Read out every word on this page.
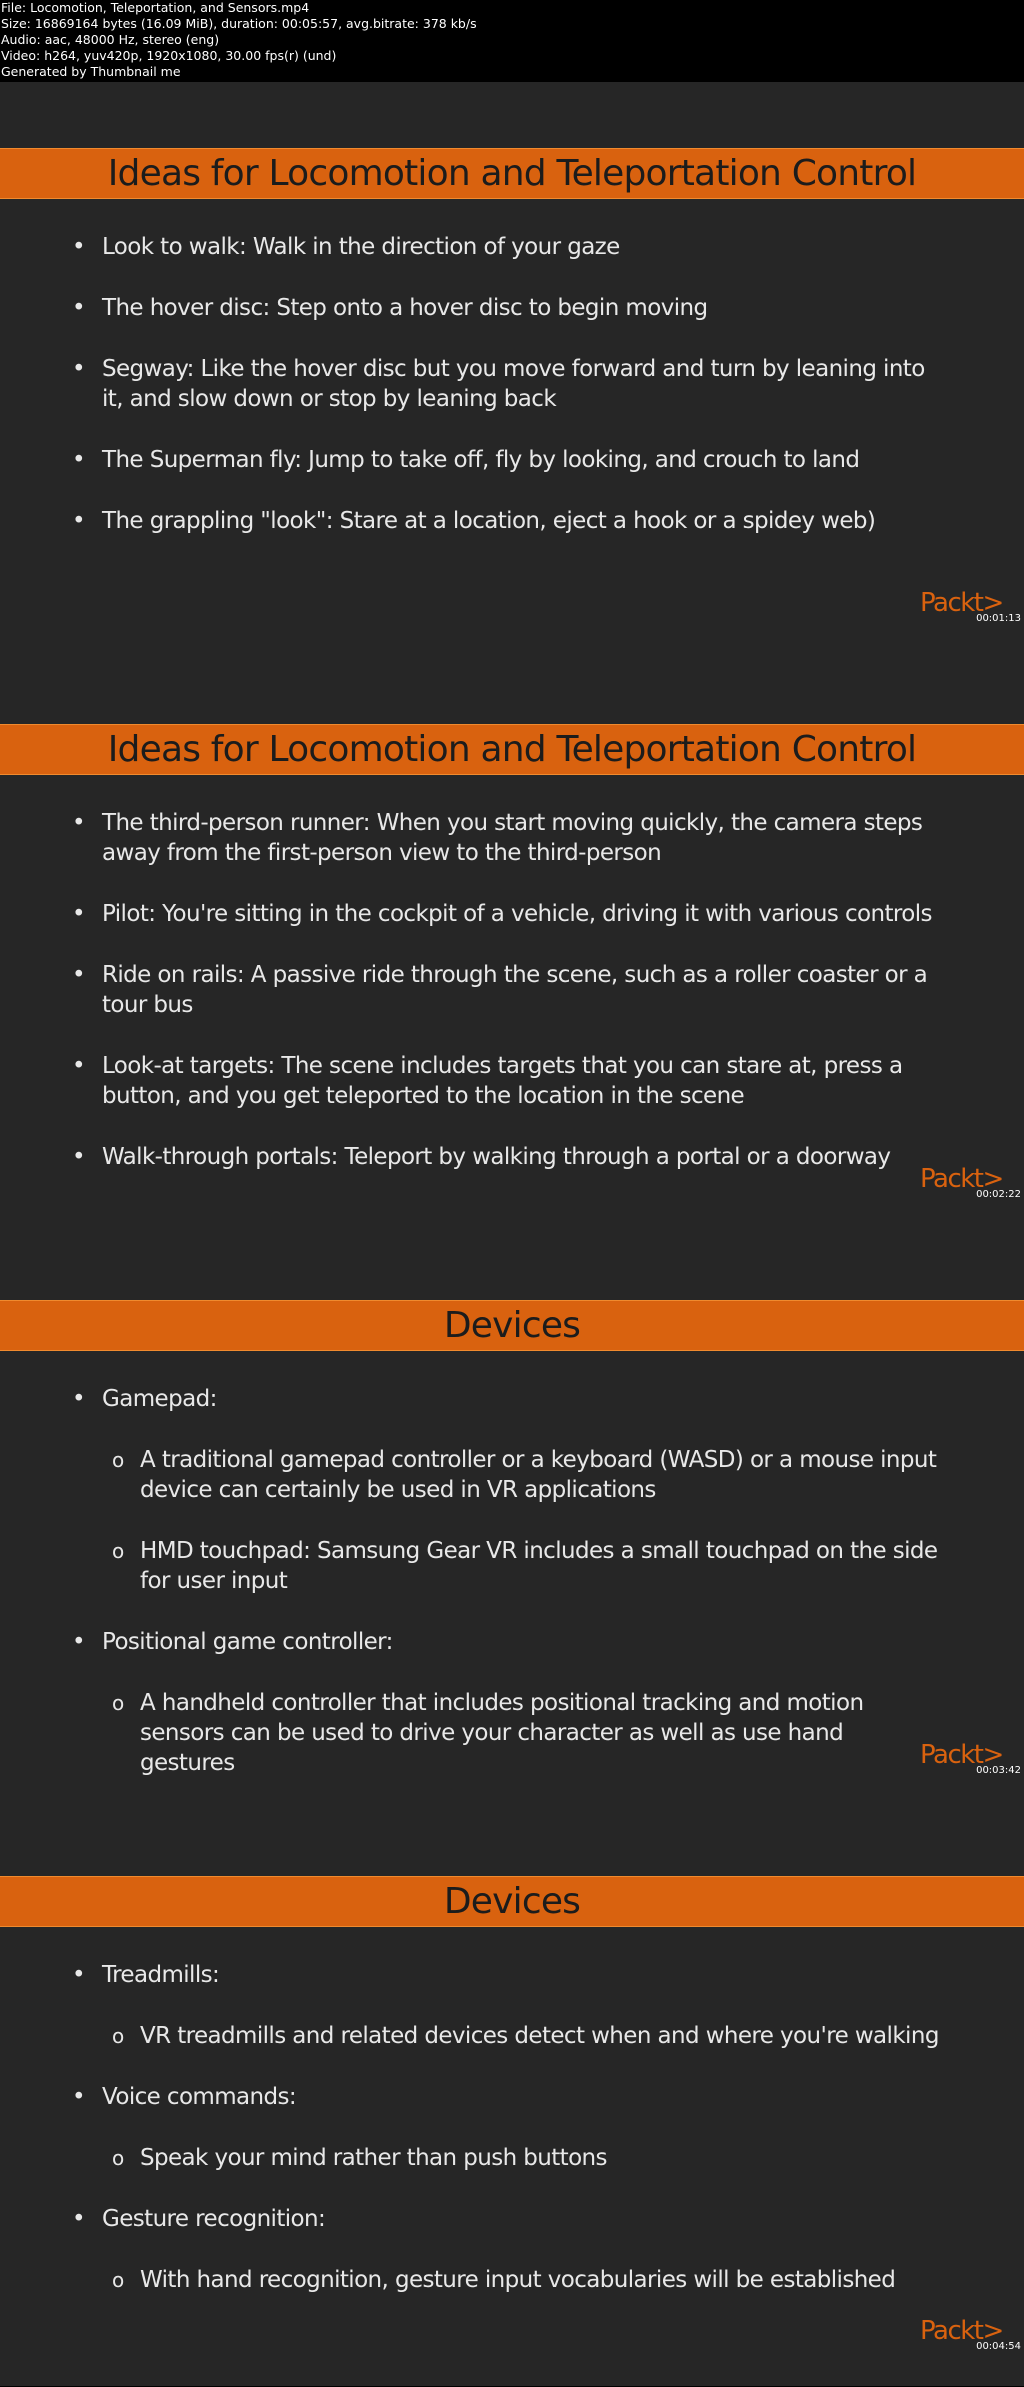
File: Locomotion, Teleportation, and Sensors.mp4
Size: 16869164 bytes (16.09 MiB), duration: 00:05:57, avg.bitrate: 378 kb/s
Audio: aac, 48000 Hz, stereo (eng)
Video: h264, yuv420p, 1920x1080, 30.00 fps(r) (und)
Generated by Thumbnail me
Ideas for Locomotion and Teleportation Control
• Look to walk: Walk in the direction of your gaze
• The hover disc: Step onto a hover disc to begin moving
• Segway: Like the hover disc but you move forward and turn by leaning into it, and slow down or stop by leaning back
• The Superman fly: Jump to take off, fly by looking, and crouch to land
• The grappling "look": Stare at a location, eject a hook or a spidey web)
Packt>
00:01:13
Ideas for Locomotion and Teleportation Control
• The third-person runner: When you start moving quickly, the camera steps away from the first-person view to the third-person
• Pilot: You're sitting in the cockpit of a vehicle, driving it with various controls
• Ride on rails: A passive ride through the scene, such as a roller coaster or a tour bus
• Look-at targets: The scene includes targets that you can stare at, press a button, and you get teleported to the location in the scene
• Walk-through portals: Teleport by walking through a portal or a doorway
Packt>
00:02:22
Devices
• Gamepad:
o A traditional gamepad controller or a keyboard (WASD) or a mouse input device can certainly be used in VR applications
o HMD touchpad: Samsung Gear VR includes a small touchpad on the side for user input
• Positional game controller:
o A handheld controller that includes positional tracking and motion sensors can be used to drive your character as well as use hand gestures	Packt>
00:03:42
Devices
• Treadmills:
o VR treadmills and related devices detect when and where you're walking
• Voice commands:
o Speak your mind rather than push buttons
• Gesture recognition:
o With hand recognition, gesture input vocabularies will be established
Packt>
00:04:54
